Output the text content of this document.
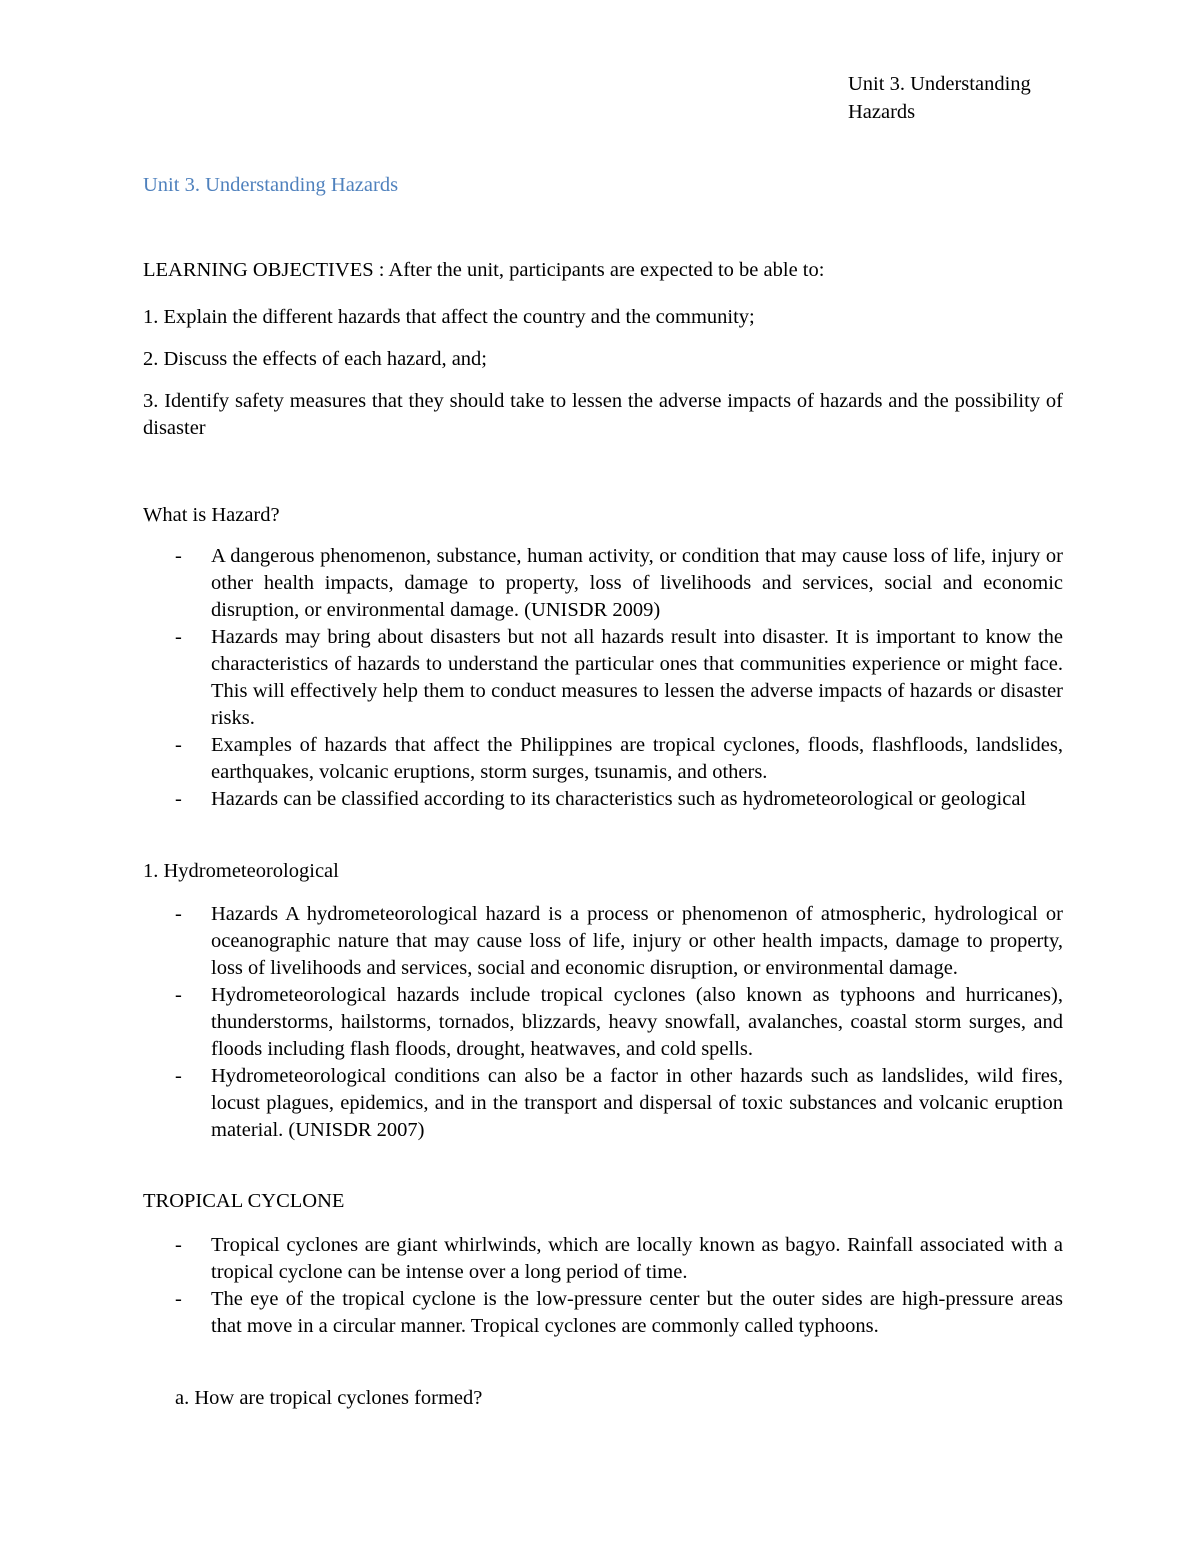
Unit 3. Understanding
Hazards
Unit 3. Understanding Hazards

LEARNING OBJECTIVES : After the unit, participants are expected to be able to:

1. Explain the different hazards that affect the country and the community;

2. Discuss the effects of each hazard, and;

3. Identify safety measures that they should take to lessen the adverse impacts of hazards and the possibility of disaster

What is Hazard?

- A dangerous phenomenon, substance, human activity, or condition that may cause loss of life, injury or other health impacts, damage to property, loss of livelihoods and services, social and economic disruption, or environmental damage. (UNISDR 2009)
- Hazards may bring about disasters but not all hazards result into disaster. It is important to know the characteristics of hazards to understand the particular ones that communities experience or might face. This will effectively help them to conduct measures to lessen the adverse impacts of hazards or disaster risks.
- Examples of hazards that affect the Philippines are tropical cyclones, floods, flashfloods, landslides, earthquakes, volcanic eruptions, storm surges, tsunamis, and others.
- Hazards can be classified according to its characteristics such as hydrometeorological or geological

1. Hydrometeorological

- Hazards A hydrometeorological hazard is a process or phenomenon of atmospheric, hydrological or oceanographic nature that may cause loss of life, injury or other health impacts, damage to property, loss of livelihoods and services, social and economic disruption, or environmental damage.
- Hydrometeorological hazards include tropical cyclones (also known as typhoons and hurricanes), thunderstorms, hailstorms, tornados, blizzards, heavy snowfall, avalanches, coastal storm surges, and floods including flash floods, drought, heatwaves, and cold spells.
- Hydrometeorological conditions can also be a factor in other hazards such as landslides, wild fires, locust plagues, epidemics, and in the transport and dispersal of toxic substances and volcanic eruption material. (UNISDR 2007)

TROPICAL CYCLONE

- Tropical cyclones are giant whirlwinds, which are locally known as bagyo. Rainfall associated with a tropical cyclone can be intense over a long period of time.
- The eye of the tropical cyclone is the low-pressure center but the outer sides are high-pressure areas that move in a circular manner. Tropical cyclones are commonly called typhoons.

a. How are tropical cyclones formed?
